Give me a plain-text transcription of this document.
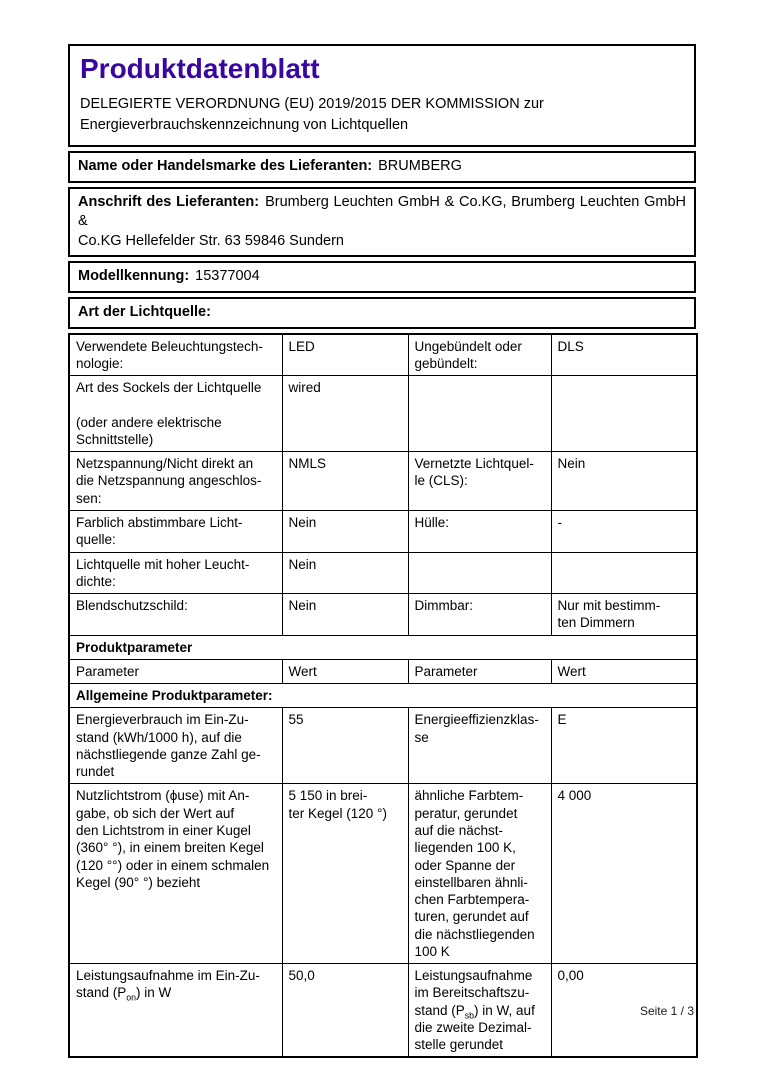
Produktdatenblatt
DELEGIERTE VERORDNUNG (EU) 2019/2015 DER KOMMISSION zur
Energieverbrauchskennzeichnung von Lichtquellen
Name oder Handelsmarke des Lieferanten: BRUMBERG
Anschrift des Lieferanten: Brumberg Leuchten GmbH & Co.KG, Brumberg Leuchten GmbH &
Co.KG Hellefelder Str. 63 59846 Sundern
Modellkennung: 15377004
Art der Lichtquelle:
Verwendete Beleuchtungstech-
nologie:	LED	Ungebündelt oder
gebündelt:	DLS
Art des Sockels der Lichtquelle

(oder andere elektrische
Schnittstelle)	wired		
Netzspannung/Nicht direkt an
die Netzspannung angeschlos-
sen:	NMLS	Vernetzte Lichtquel-
le (CLS):	Nein
Farblich abstimmbare Licht-
quelle:	Nein	Hülle:	-
Lichtquelle mit hoher Leucht-
dichte:	Nein		
Blendschutzschild:	Nein	Dimmbar:	Nur mit bestimm-
ten Dimmern
Produktparameter			
Parameter	Wert	Parameter	Wert
Allgemeine Produktparameter:			
Energieverbrauch im Ein-Zu-
stand (kWh/1000 h), auf die
nächstliegende ganze Zahl ge-
rundet	55	Energieeffizienzklas-
se	E
Nutzlichtstrom (ϕuse) mit An-
gabe, ob sich der Wert auf
den Lichtstrom in einer Kugel
(360° °), in einem breiten Kegel
(120 °°) oder in einem schmalen
Kegel (90° °) bezieht	5 150 in brei-
ter Kegel (120 °)	ähnliche Farbtem-
peratur, gerundet
auf die nächst-
liegenden 100 K,
oder Spanne der
einstellbaren ähnli-
chen Farbtempera-
turen, gerundet auf
die nächstliegenden
100 K	4 000
Leistungsaufnahme im Ein-Zu-
stand $(P_{on})$ in W	50,0	Leistungsaufnahme
im Bereitschaftszu-
stand $(P_{sb})$ in W, auf
die zweite Dezimal-
stelle gerundet	0,00
Seite 1 / 3
